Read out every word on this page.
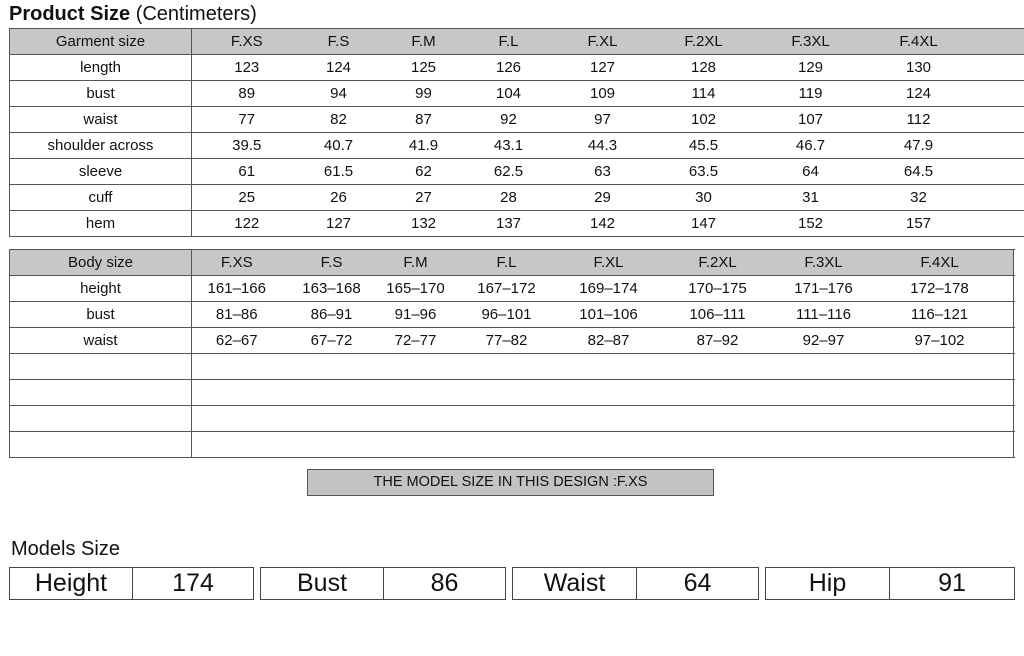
Product Size (Centimeters)
Garment size	F.XS	F.S	F.M	F.L	F.XL	F.2XL	F.3XL	F.4XL	
length	123	124	125	126	127	128	129	130	
bust	89	94	99	104	109	114	119	124	
waist	77	82	87	92	97	102	107	112	
shoulder across	39.5	40.7	41.9	43.1	44.3	45.5	46.7	47.9	
sleeve	61	61.5	62	62.5	63	63.5	64	64.5	
cuff	25	26	27	28	29	30	31	32	
hem	122	127	132	137	142	147	152	157	
Body size	F.XS	F.S	F.M	F.L	F.XL	F.2XL	F.3XL	F.4XL	
height	161–166	163–168	165–170	167–172	169–174	170–175	171–176	172–178	
bust	81–86	86–91	91–96	96–101	101–106	106–111	111–116	116–121	
waist	62–67	67–72	72–77	77–82	82–87	87–92	92–97	97–102	

THE MODEL SIZE IN THIS DESIGN :F.XS
Models Size
Height	174	Bust	86	Waist	64	Hip	91
